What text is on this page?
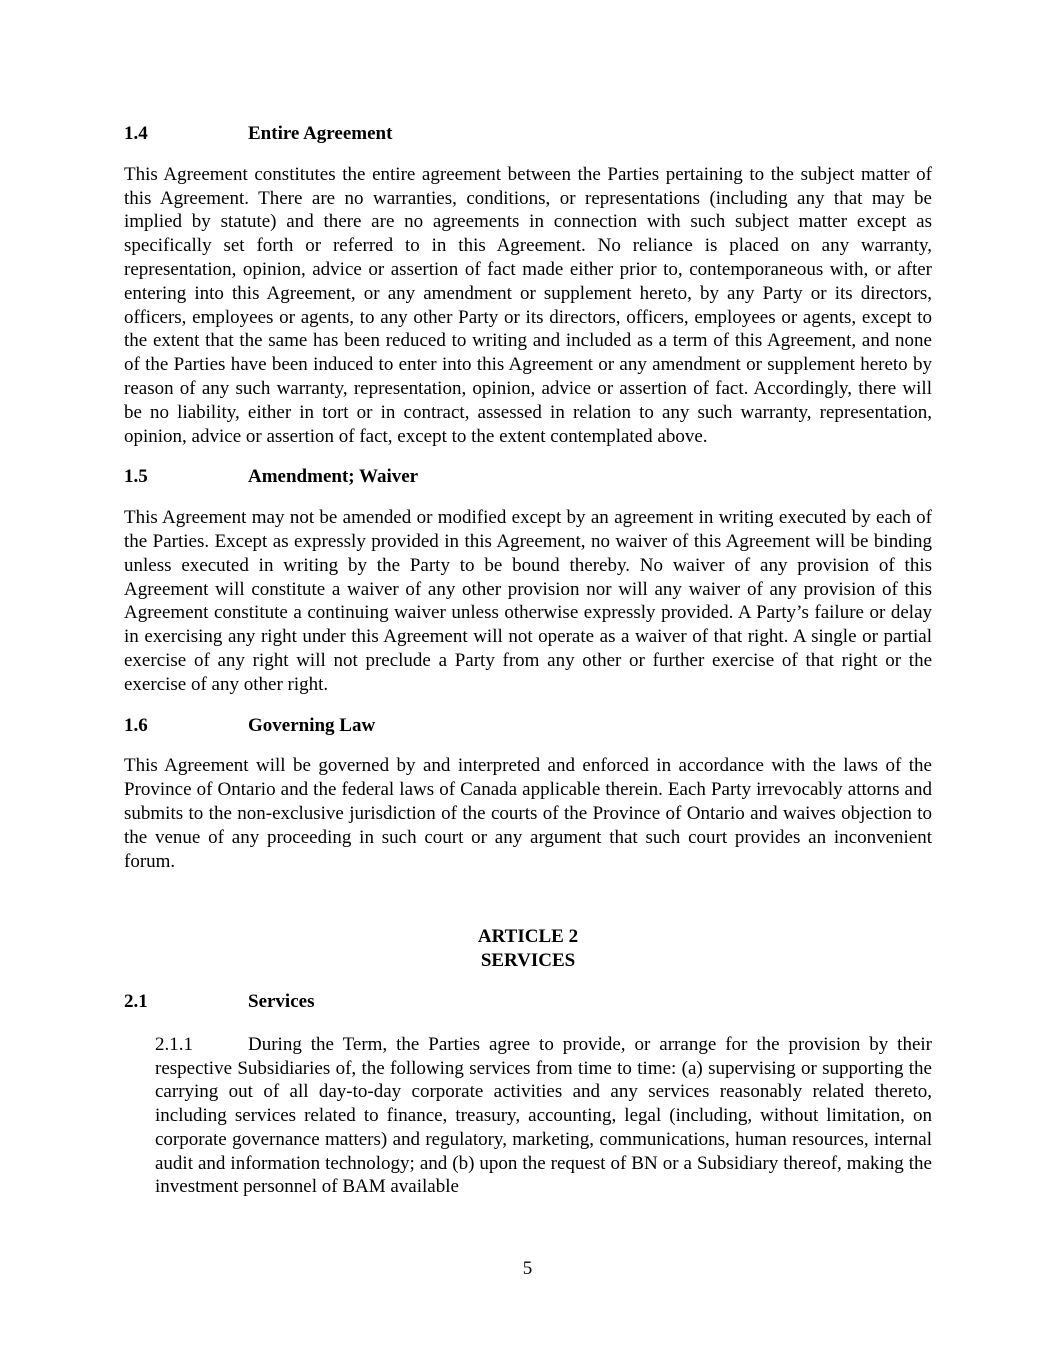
1.4	Entire Agreement

This Agreement constitutes the entire agreement between the Parties pertaining to the subject matter of this Agreement. There are no warranties, conditions, or representations (including any that may be implied by statute) and there are no agreements in connection with such subject matter except as specifically set forth or referred to in this Agreement. No reliance is placed on any warranty, representation, opinion, advice or assertion of fact made either prior to, contemporaneous with, or after entering into this Agreement, or any amendment or supplement hereto, by any Party or its directors, officers, employees or agents, to any other Party or its directors, officers, employees or agents, except to the extent that the same has been reduced to writing and included as a term of this Agreement, and none of the Parties have been induced to enter into this Agreement or any amendment or supplement hereto by reason of any such warranty, representation, opinion, advice or assertion of fact. Accordingly, there will be no liability, either in tort or in contract, assessed in relation to any such warranty, representation, opinion, advice or assertion of fact, except to the extent contemplated above.

1.5	Amendment; Waiver

This Agreement may not be amended or modified except by an agreement in writing executed by each of the Parties. Except as expressly provided in this Agreement, no waiver of this Agreement will be binding unless executed in writing by the Party to be bound thereby. No waiver of any provision of this Agreement will constitute a waiver of any other provision nor will any waiver of any provision of this Agreement constitute a continuing waiver unless otherwise expressly provided. A Party’s failure or delay in exercising any right under this Agreement will not operate as a waiver of that right. A single or partial exercise of any right will not preclude a Party from any other or further exercise of that right or the exercise of any other right.

1.6	Governing Law

This Agreement will be governed by and interpreted and enforced in accordance with the laws of the Province of Ontario and the federal laws of Canada applicable therein. Each Party irrevocably attorns and submits to the non-exclusive jurisdiction of the courts of the Province of Ontario and waives objection to the venue of any proceeding in such court or any argument that such court provides an inconvenient forum.

ARTICLE 2
SERVICES
2.1	Services

2.1.1	During the Term, the Parties agree to provide, or arrange for the provision by their respective Subsidiaries of, the following services from time to time: (a) supervising or supporting the carrying out of all day-to-day corporate activities and any services reasonably related thereto, including services related to finance, treasury, accounting, legal (including, without limitation, on corporate governance matters) and regulatory, marketing, communications, human resources, internal audit and information technology; and (b) upon the request of BN or a Subsidiary thereof, making the investment personnel of BAM available

5
